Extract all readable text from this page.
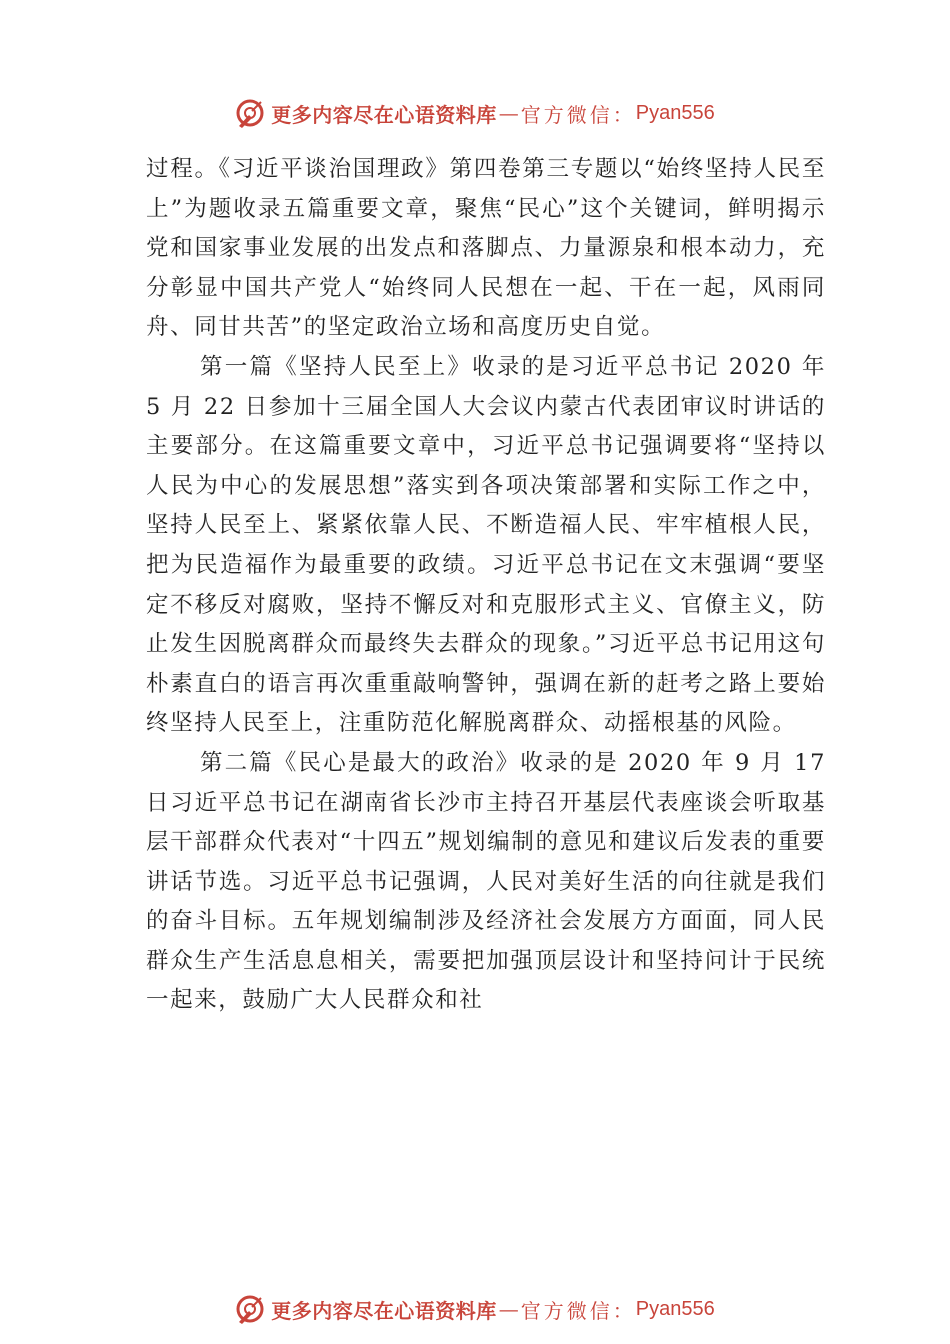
更多内容尽在心语资料库 — 官方微信： Pyan556

过程。《习近平谈治国理政》第四卷第三专题以“始终坚持人民至上”为题收录五篇重要文章，聚焦“民心”这个关键词，鲜明揭示党和国家事业发展的出发点和落脚点、力量源泉和根本动力，充分彰显中国共产党人“始终同人民想在一起、干在一起，风雨同舟、同甘共苦”的坚定政治立场和高度历史自觉。

第一篇《坚持人民至上》收录的是习近平总书记 2020 年 5 月 22 日参加十三届全国人大会议内蒙古代表团审议时讲话的主要部分。在这篇重要文章中，习近平总书记强调要将“坚持以人民为中心的发展思想”落实到各项决策部署和实际工作之中，坚持人民至上、紧紧依靠人民、不断造福人民、牢牢植根人民，把为民造福作为最重要的政绩。习近平总书记在文末强调“要坚定不移反对腐败，坚持不懈反对和克服形式主义、官僚主义，防止发生因脱离群众而最终失去群众的现象。”习近平总书记用这句朴素直白的语言再次重重敲响警钟，强调在新的赶考之路上要始终坚持人民至上，注重防范化解脱离群众、动摇根基的风险。

第二篇《民心是最大的政治》收录的是 2020 年 9 月 17 日习近平总书记在湖南省长沙市主持召开基层代表座谈会听取基层干部群众代表对“十四五”规划编制的意见和建议后发表的重要讲话节选。习近平总书记强调，人民对美好生活的向往就是我们的奋斗目标。五年规划编制涉及经济社会发展方方面面，同人民群众生产生活息息相关，需要把加强顶层设计和坚持问计于民统一起来，鼓励广大人民群众和社

更多内容尽在心语资料库 — 官方微信： Pyan556
